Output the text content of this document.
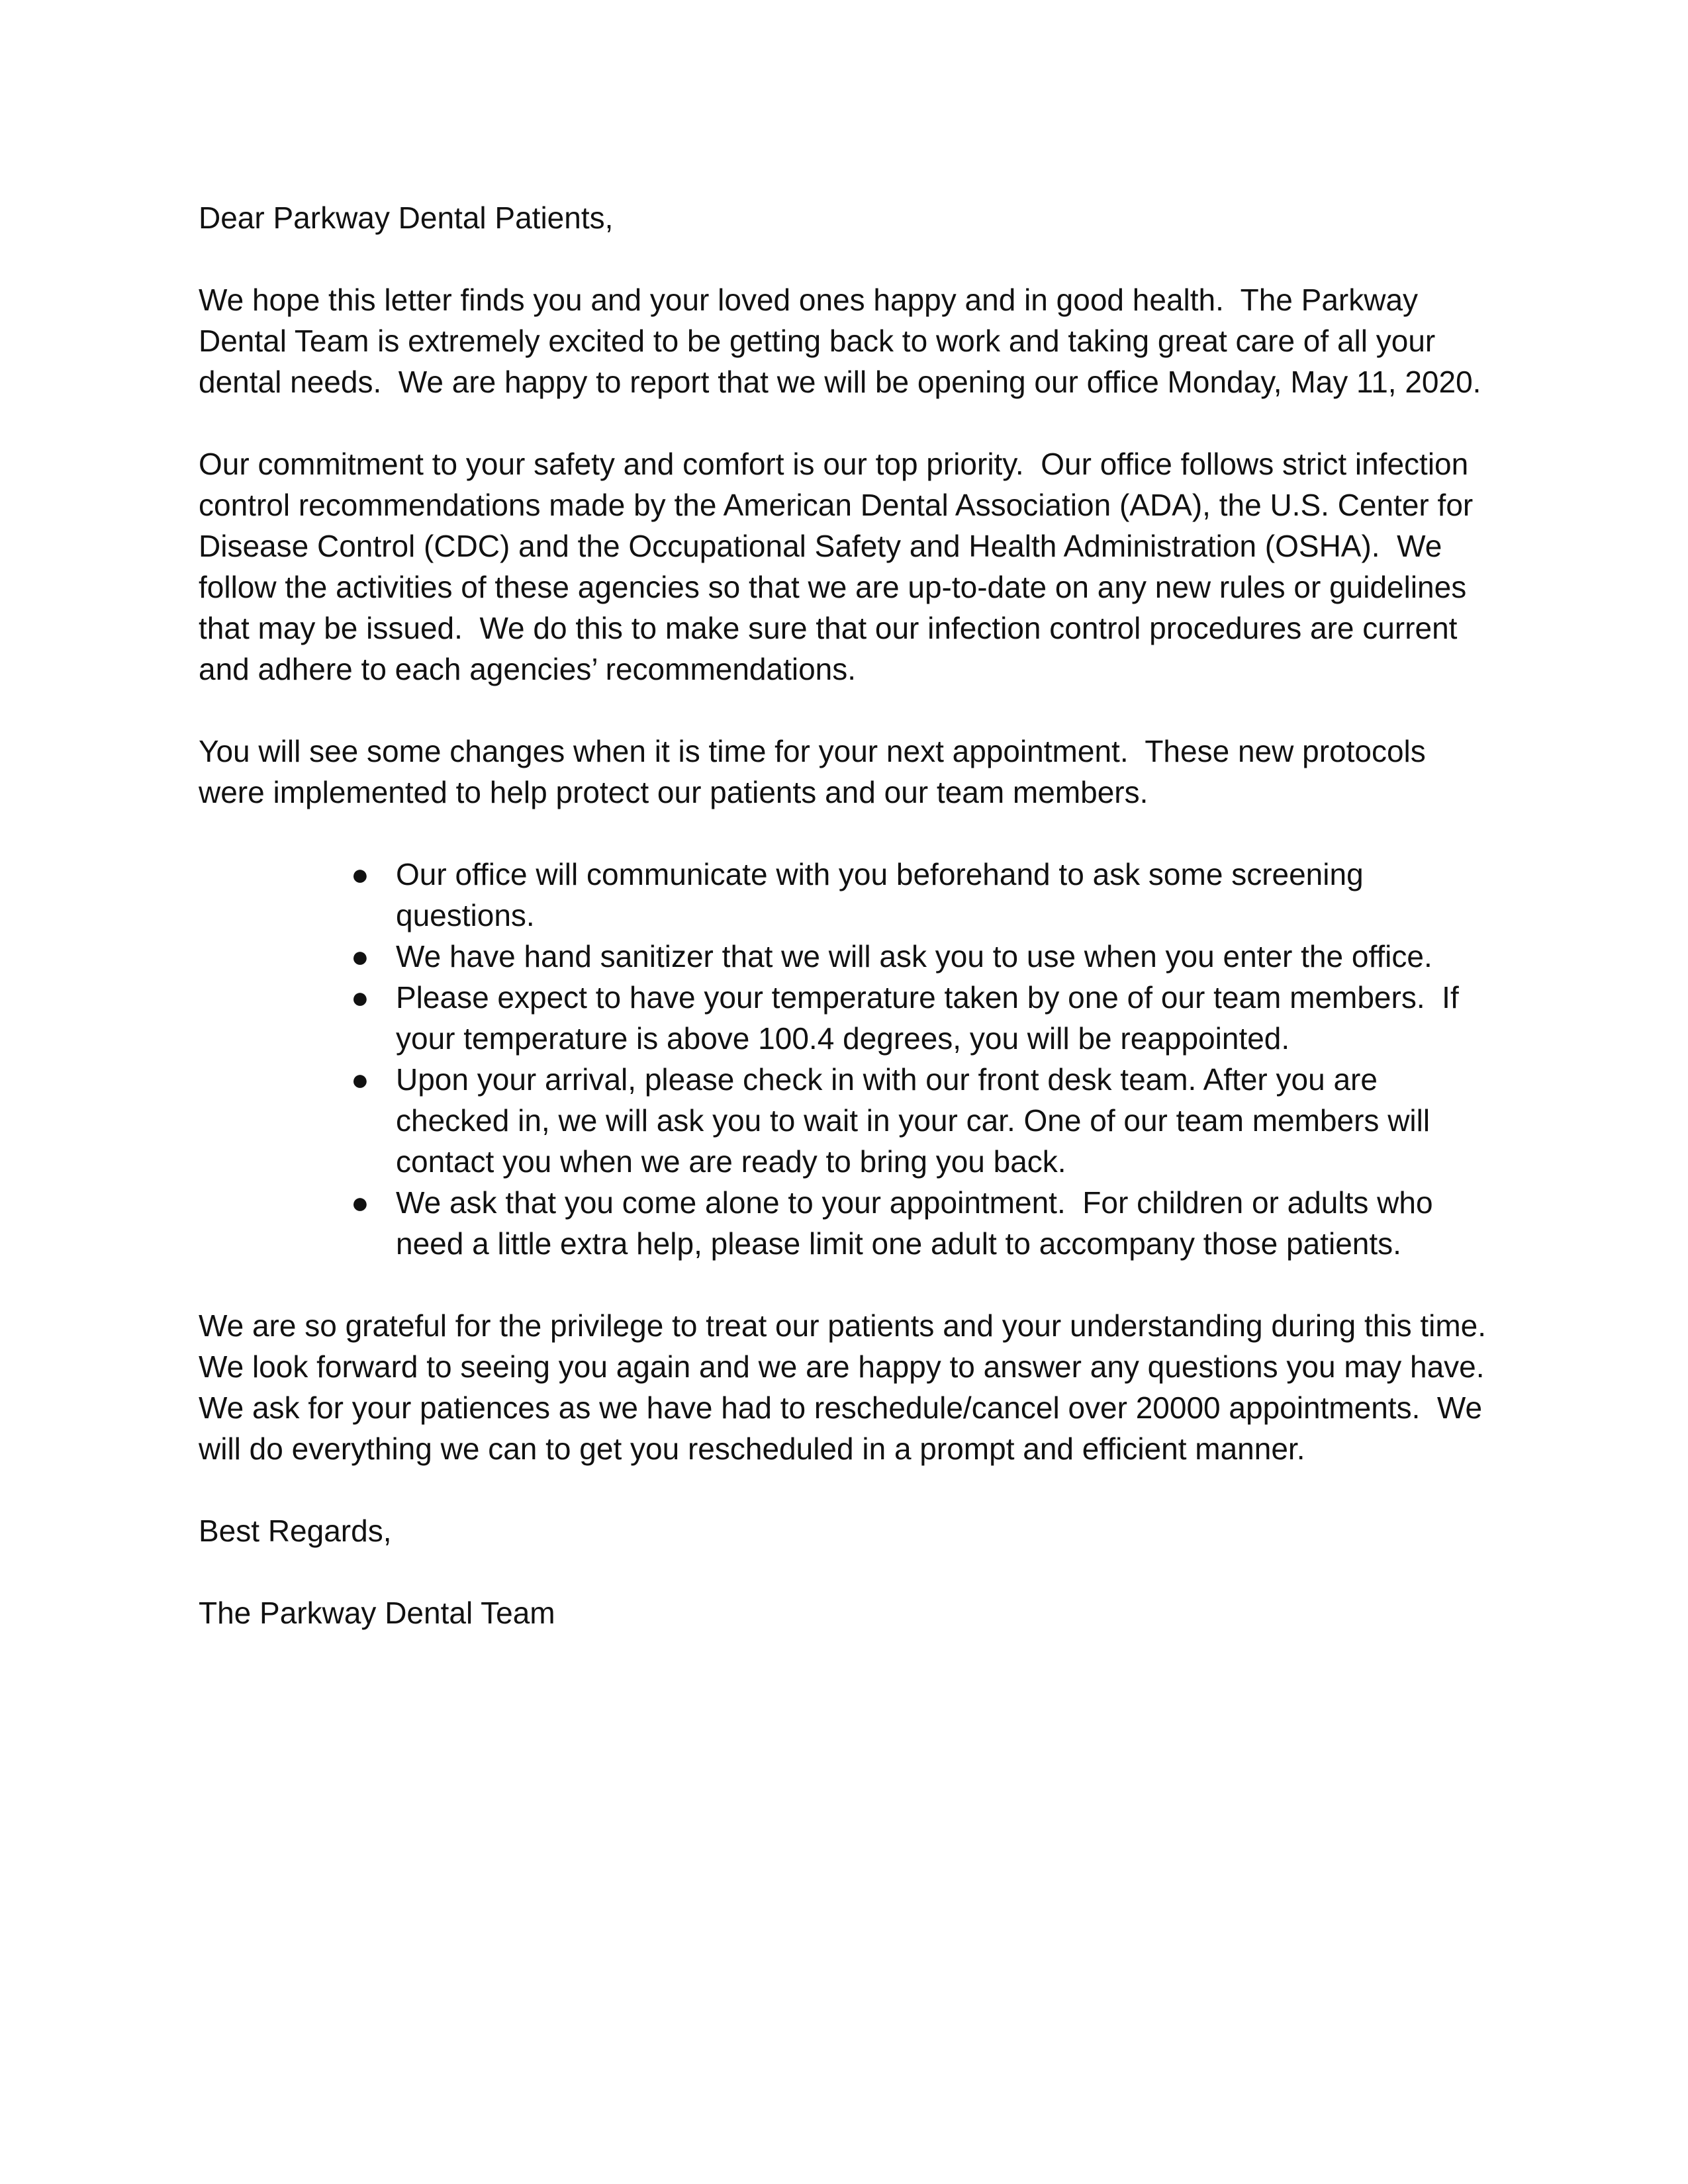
Dear Parkway Dental Patients,

We hope this letter finds you and your loved ones happy and in good health.  The Parkway
Dental Team is extremely excited to be getting back to work and taking great care of all your
dental needs.  We are happy to report that we will be opening our office Monday, May 11, 2020.

Our commitment to your safety and comfort is our top priority.  Our office follows strict infection
control recommendations made by the American Dental Association (ADA), the U.S. Center for
Disease Control (CDC) and the Occupational Safety and Health Administration (OSHA).  We
follow the activities of these agencies so that we are up-to-date on any new rules or guidelines
that may be issued.  We do this to make sure that our infection control procedures are current
and adhere to each agencies’ recommendations.

You will see some changes when it is time for your next appointment.  These new protocols
were implemented to help protect our patients and our team members.

● Our office will communicate with you beforehand to ask some screening
questions.
● We have hand sanitizer that we will ask you to use when you enter the office.
● Please expect to have your temperature taken by one of our team members.  If
your temperature is above 100.4 degrees, you will be reappointed.
● Upon your arrival, please check in with our front desk team. After you are
checked in, we will ask you to wait in your car. One of our team members will
contact you when we are ready to bring you back.
● We ask that you come alone to your appointment.  For children or adults who
need a little extra help, please limit one adult to accompany those patients.

We are so grateful for the privilege to treat our patients and your understanding during this time.
We look forward to seeing you again and we are happy to answer any questions you may have.
We ask for your patiences as we have had to reschedule/cancel over 20000 appointments.  We
will do everything we can to get you rescheduled in a prompt and efficient manner.

Best Regards,

The Parkway Dental Team
